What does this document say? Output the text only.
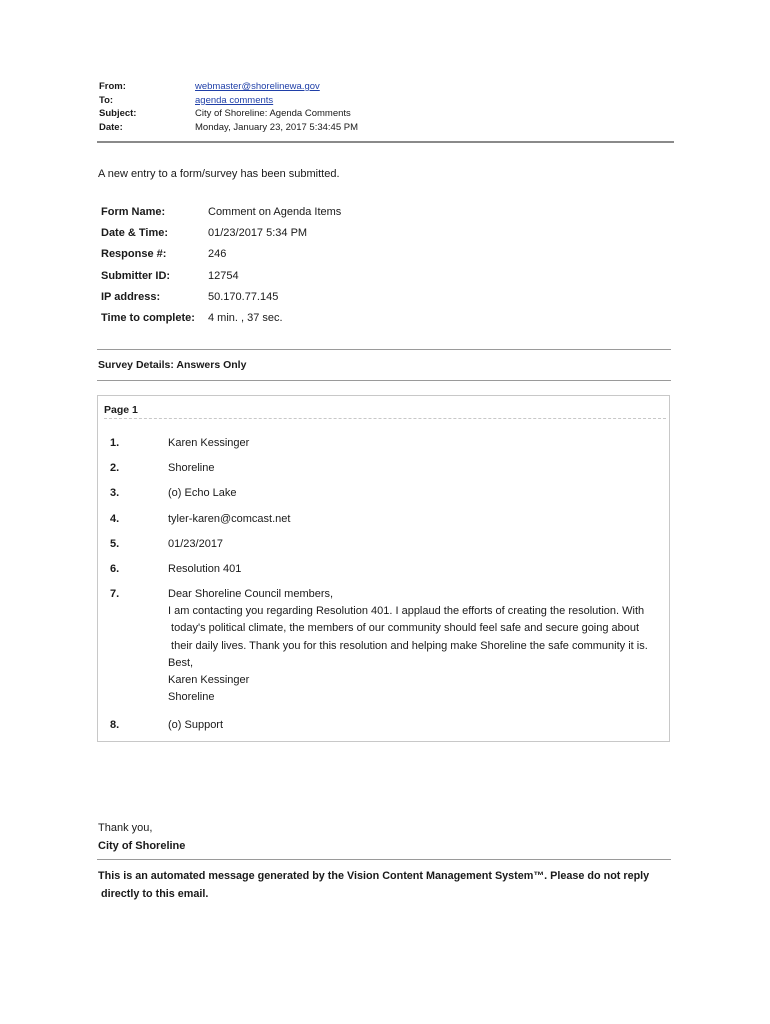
From:	webmaster@shorelinewa.gov
To:	agenda comments
Subject:	City of Shoreline: Agenda Comments
Date:	Monday, January 23, 2017 5:34:45 PM
A new entry to a form/survey has been submitted.
Form Name:	Comment on Agenda Items
Date & Time:	01/23/2017 5:34 PM
Response #:	246
Submitter ID:	12754
IP address:	50.170.77.145
Time to complete:	4 min. , 37 sec.
Survey Details: Answers Only
Page 1
1.	Karen Kessinger
2.	Shoreline
3.	(o) Echo Lake
4.	tyler-karen@comcast.net
5.	01/23/2017
6.	Resolution 401
7.	Dear Shoreline Council members,
I am contacting you regarding Resolution 401. I applaud the efforts of creating the resolution. With
today's political climate, the members of our community should feel safe and secure going about
their daily lives. Thank you for this resolution and helping make Shoreline the safe community it is.
Best,
Karen Kessinger
Shoreline
8.	(o) Support
Thank you,
City of Shoreline
This is an automated message generated by the Vision Content Management System™. Please do not reply
directly to this email.
